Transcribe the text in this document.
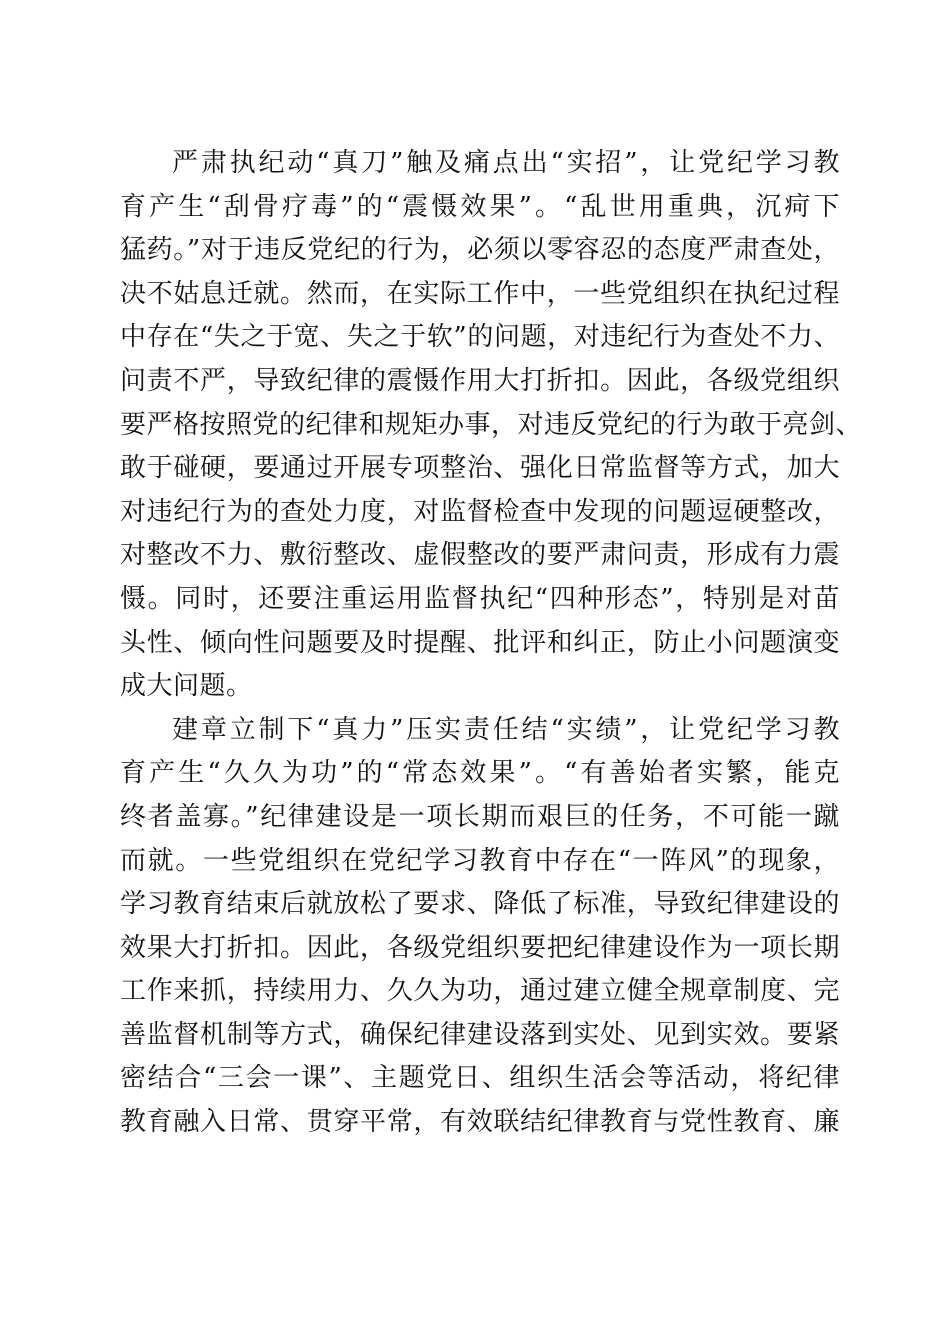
严肃执纪动“真刀”触及痛点出“实招”，让党纪学习教
育产生“刮骨疗毒”的“震慑效果”。“乱世用重典，沉疴下
猛药。”对于违反党纪的行为，必须以零容忍的态度严肃查处，
决不姑息迁就。然而，在实际工作中，一些党组织在执纪过程
中存在“失之于宽、失之于软”的问题，对违纪行为查处不力、
问责不严，导致纪律的震慑作用大打折扣。因此，各级党组织
要严格按照党的纪律和规矩办事，对违反党纪的行为敢于亮剑、
敢于碰硬，要通过开展专项整治、强化日常监督等方式，加大
对违纪行为的查处力度，对监督检查中发现的问题逗硬整改，
对整改不力、敷衍整改、虚假整改的要严肃问责，形成有力震
慑。同时，还要注重运用监督执纪“四种形态”，特别是对苗
头性、倾向性问题要及时提醒、批评和纠正，防止小问题演变
成大问题。
建章立制下“真力”压实责任结“实绩”，让党纪学习教
育产生“久久为功”的“常态效果”。“有善始者实繁，能克
终者盖寡。”纪律建设是一项长期而艰巨的任务，不可能一蹴
而就。一些党组织在党纪学习教育中存在“一阵风”的现象，
学习教育结束后就放松了要求、降低了标准，导致纪律建设的
效果大打折扣。因此，各级党组织要把纪律建设作为一项长期
工作来抓，持续用力、久久为功，通过建立健全规章制度、完
善监督机制等方式，确保纪律建设落到实处、见到实效。要紧
密结合“三会一课”、主题党日、组织生活会等活动，将纪律
教育融入日常、贯穿平常，有效联结纪律教育与党性教育、廉
